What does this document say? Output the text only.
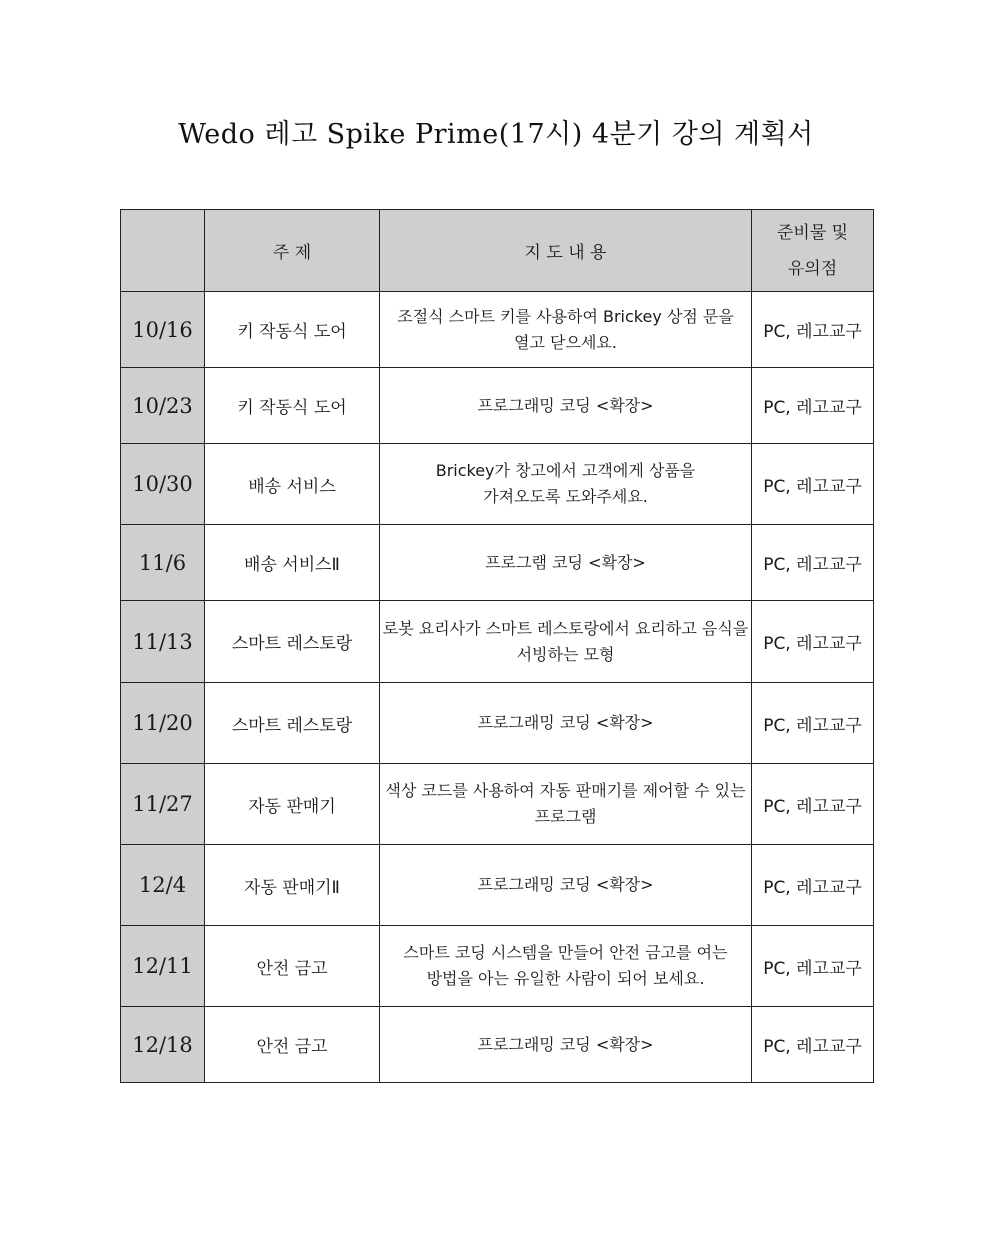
Wedo 레고 Spike Prime(17시) 4분기 강의 계획서
	주 제	지 도 내 용	준비물 및
유의점
10/16	키 작동식 도어	조절식 스마트 키를 사용하여 Brickey 상점 문을
열고 닫으세요.	PC, 레고교구
10/23	키 작동식 도어	프로그래밍 코딩 <확장>	PC, 레고교구
10/30	배송 서비스	Brickey가 창고에서 고객에게 상품을
가져오도록 도와주세요.	PC, 레고교구
11/6	배송 서비스Ⅱ	프로그램 코딩 <확장>	PC, 레고교구
11/13	스마트 레스토랑	로봇 요리사가 스마트 레스토랑에서 요리하고 음식을
서빙하는 모형	PC, 레고교구
11/20	스마트 레스토랑	프로그래밍 코딩 <확장>	PC, 레고교구
11/27	자동 판매기	색상 코드를 사용하여 자동 판매기를 제어할 수 있는
프로그램	PC, 레고교구
12/4	자동 판매기Ⅱ	프로그래밍 코딩 <확장>	PC, 레고교구
12/11	안전 금고	스마트 코딩 시스템을 만들어 안전 금고를 여는
방법을 아는 유일한 사람이 되어 보세요.	PC, 레고교구
12/18	안전 금고	프로그래밍 코딩 <확장>	PC, 레고교구
